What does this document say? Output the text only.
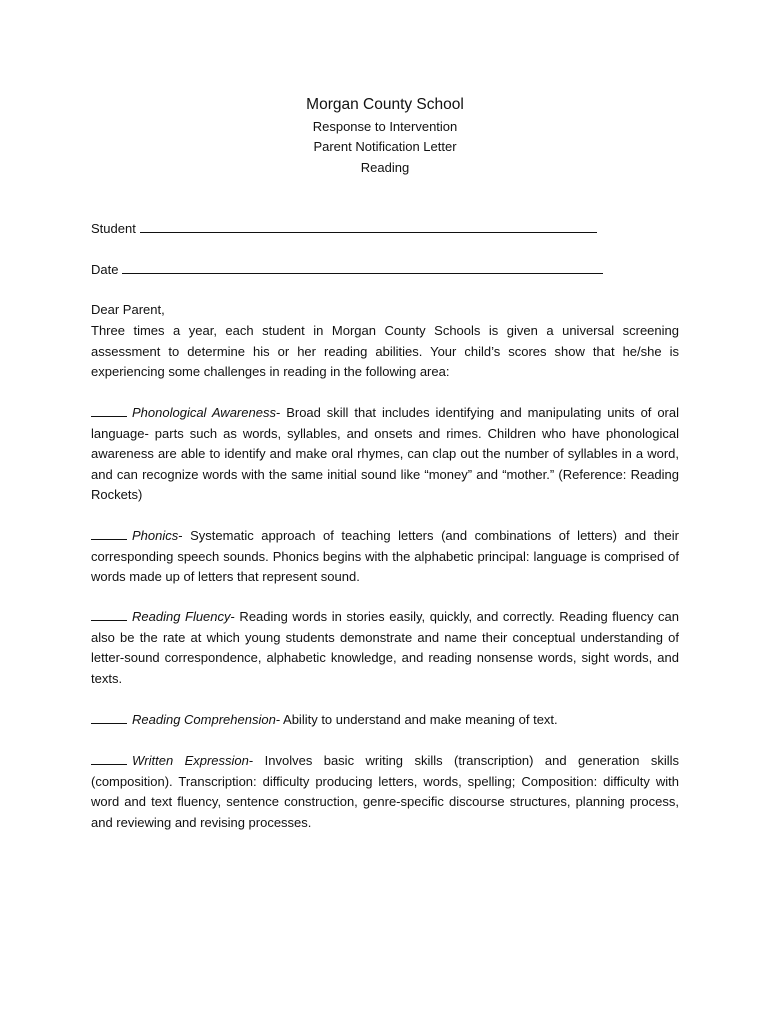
Morgan County School
Response to Intervention
Parent Notification Letter
Reading
Student
Date
Dear Parent,
Three times a year, each student in Morgan County Schools is given a universal screening assessment to determine his or her reading abilities. Your child’s scores show that he/she is experiencing some challenges in reading in the following area:
Phonological Awareness- Broad skill that includes identifying and manipulating units of oral language- parts such as words, syllables, and onsets and rimes. Children who have phonological awareness are able to identify and make oral rhymes, can clap out the number of syllables in a word, and can recognize words with the same initial sound like “money” and “mother.” (Reference: Reading Rockets)
Phonics- Systematic approach of teaching letters (and combinations of letters) and their corresponding speech sounds. Phonics begins with the alphabetic principal: language is comprised of words made up of letters that represent sound.
Reading Fluency- Reading words in stories easily, quickly, and correctly. Reading fluency can also be the rate at which young students demonstrate and name their conceptual understanding of letter-sound correspondence, alphabetic knowledge, and reading nonsense words, sight words, and texts.
Reading Comprehension- Ability to understand and make meaning of text.
Written Expression- Involves basic writing skills (transcription) and generation skills (composition). Transcription: difficulty producing letters, words, spelling; Composition: difficulty with word and text fluency, sentence construction, genre-specific discourse structures, planning process, and reviewing and revising processes.
